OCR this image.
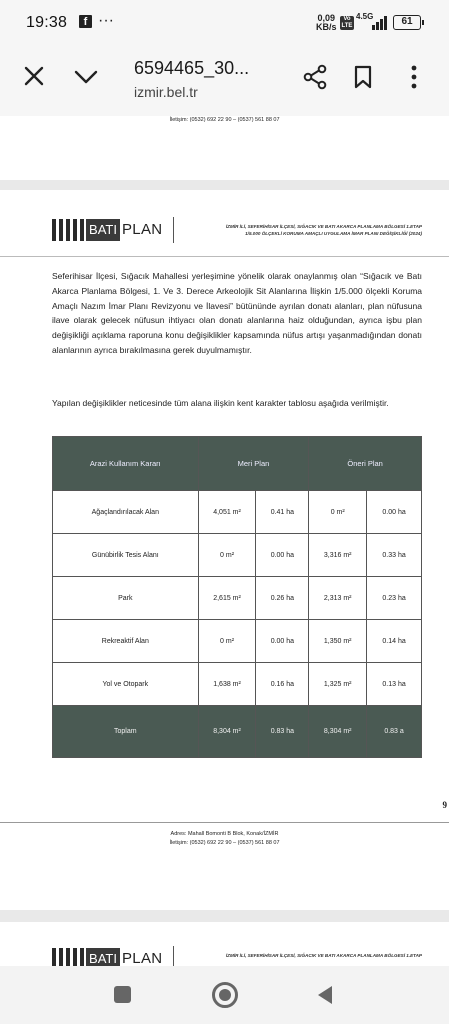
19:38	f ···	0,09
KB/s
Vo LTE
4.5G	61
6594465_30...
izmir.bel.tr
İletişim: (0532) 692 22 90 – (0537) 561 88 07
BATI PLAN	İZMİR İLİ, SEFERİHİSAR İLÇESİ, SIĞACIK VE BATI AKARCA PLANLAMA BÖLGESİ 1.ETAP
1/5.000 ÖLÇEKLİ KORUMA AMAÇLI UYGULAMA İMAR PLANI DEĞİŞİKLİĞİ (2024)

Seferihisar İlçesi, Sığacık Mahallesi yerleşimine yönelik olarak onaylanmış olan “Sığacık ve Batı Akarca Planlama Bölgesi, 1. Ve 3. Derece Arkeolojik Sit Alanlarına İlişkin 1/5.000 ölçekli Koruma Amaçlı Nazım İmar Planı Revizyonu ve İlavesi” bütününde ayrılan donatı alanları, plan nüfusuna ilave olarak gelecek nüfusun ihtiyacı olan donatı alanlarına haiz olduğundan, ayrıca işbu plan değişikliği açıklama raporuna konu değişiklikler kapsamında nüfus artışı yaşanmadığından donatı alanlarının ayrıca bırakılmasına gerek duyulmamıştır.

Yapılan değişiklikler neticesinde tüm alana ilişkin kent karakter tablosu aşağıda verilmiştir.

Arazi Kullanım Kararı	Meri Plan		Öneri Plan	
Ağaçlandırılacak Alan	4,051 m²	0.41 ha	0 m²	0.00 ha
Günübirlik Tesis Alanı	0 m²	0.00 ha	3,316 m²	0.33 ha
Park	2,615 m²	0.26 ha	2,313 m²	0.23 ha
Rekreaktif Alan	0 m²	0.00 ha	1,350 m²	0.14 ha
Yol ve Otopark	1,638 m²	0.16 ha	1,325 m²	0.13 ha
Toplam	8,304 m²	0.83 ha	8,304 m²	0.83 a
9
Adres: Mahall Bomonti B Blok, Konak/İZMİR
İletişim: (0532) 692 22 90 – (0537) 561 88 07
BATI PLAN	İZMİR İLİ, SEFERİHİSAR İLÇESİ, SIĞACIK VE BATI AKARCA PLANLAMA BÖLGESİ 1.ETAP
